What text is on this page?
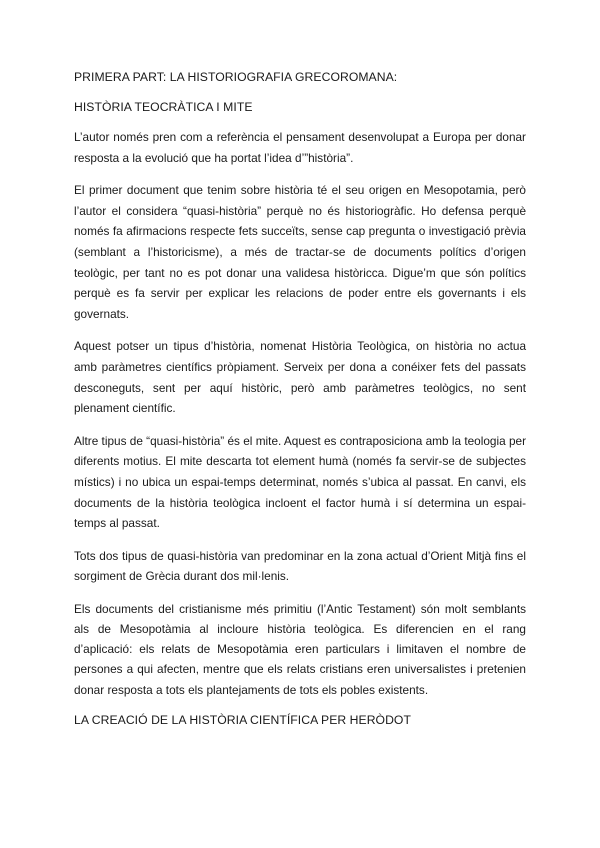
PRIMERA PART: LA HISTORIOGRAFIA GRECOROMANA:
HISTÒRIA TEOCRÀTICA I MITE

L’autor només pren com a referència el pensament desenvolupat a Europa per donar resposta a la evolució que ha portat l’idea d’”història”.

El primer document que tenim sobre història té el seu origen en Mesopotamia, però l’autor el considera “quasi-història” perquè no és historiogràfic. Ho defensa perquè només fa afirmacions respecte fets succeïts, sense cap pregunta o investigació prèvia (semblant a l’historicisme), a més de tractar-se de documents polítics d’origen teològic, per tant no es pot donar una validesa històricca. Digue’m que són polítics perquè es fa servir per explicar les relacions de poder entre els governants i els governats.

Aquest potser un tipus d’història, nomenat Història Teològica, on història no actua amb paràmetres científics pròpiament. Serveix per dona a conéixer fets del passats desconeguts, sent per aquí històric, però amb paràmetres teològics, no sent plenament científic.

Altre tipus de “quasi-història” és el mite. Aquest es contraposiciona amb la teologia per diferents motius. El mite descarta tot element humà (només fa servir-se de subjectes místics) i no ubica un espai-temps determinat, només s’ubica al passat. En canvi, els documents de la història teològica incloent el factor humà i sí determina un espai-temps al passat.

Tots dos tipus de quasi-història van predominar en la zona actual d’Orient Mitjà fins el sorgiment de Grècia durant dos mil·lenis.

Els documents del cristianisme més primitiu (l’Antic Testament) són molt semblants als de Mesopotàmia al incloure història teològica. Es diferencien en el rang d’aplicació: els relats de Mesopotàmia eren particulars i limitaven el nombre de persones a qui afecten, mentre que els relats cristians eren universalistes i pretenien donar resposta a tots els plantejaments de tots els pobles existents.

LA CREACIÓ DE LA HISTÒRIA CIENTÍFICA PER HERÒDOT
